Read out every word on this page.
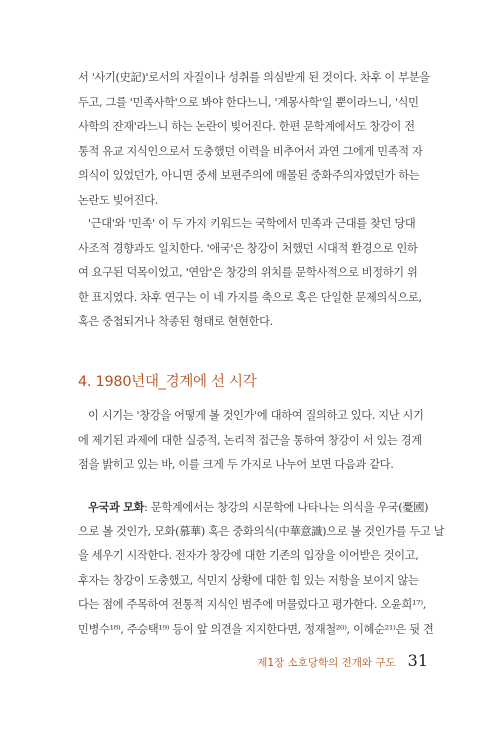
서 '사기(史記)'로서의 자질이나 성취를 의심받게 된 것이다. 차후 이 부분을
두고, 그를 '민족사학'으로 봐야 한다느니, '계몽사학'일 뿐이라느니, '식민
사학의 잔재'라느니 하는 논란이 빚어진다. 한편 문학계에서도 창강이 전
통적 유교 지식인으로서 도충했던 이력을 비추어서 과연 그에게 민족적 자
의식이 있었던가, 아니면 중세 보편주의에 매몰된 중화주의자였던가 하는
논란도 빚어진다.
'근대'와 '민족' 이 두 가지 키워드는 국학에서 민족과 근대를 찾던 당대
사조적 경향과도 일치한다. '애국'은 창강이 처했던 시대적 환경으로 인하
여 요구된 덕목이었고, '연암'은 창강의 위치를 문학사적으로 비정하기 위
한 표지였다. 차후 연구는 이 네 가지를 축으로 혹은 단일한 문제의식으로,
혹은 중첩되거나 착종된 형태로 현현한다.
4. 1980년대_경계에 선 시각
이 시기는 '창강을 어떻게 볼 것인가'에 대하여 질의하고 있다. 지난 시기
에 제기된 과제에 대한 실증적, 논리적 접근을 통하여 창강이 서 있는 경계
점을 밝히고 있는 바, 이를 크게 두 가지로 나누어 보면 다음과 같다.
우국과 모화: 문학계에서는 창강의 시문학에 나타나는 의식을 우국(憂國)
으로 볼 것인가, 모화(慕華) 혹은 중화의식(中華意識)으로 볼 것인가를 두고 날
을 세우기 시작한다. 전자가 창강에 대한 기존의 입장을 이어받은 것이고,
후자는 창강이 도충했고, 식민지 상황에 대한 힘 있는 저항을 보이지 않는
다는 점에 주목하여 전통적 지식인 범주에 머물렀다고 평가한다. 오윤희¹⁷⁾,
민병수¹⁸⁾, 주승택¹⁹⁾ 등이 앞 의견을 지지한다면, 정재철²⁰⁾, 이혜순²¹⁾은 뒷 견
제1장 소호당학의 전개와 구도 31
